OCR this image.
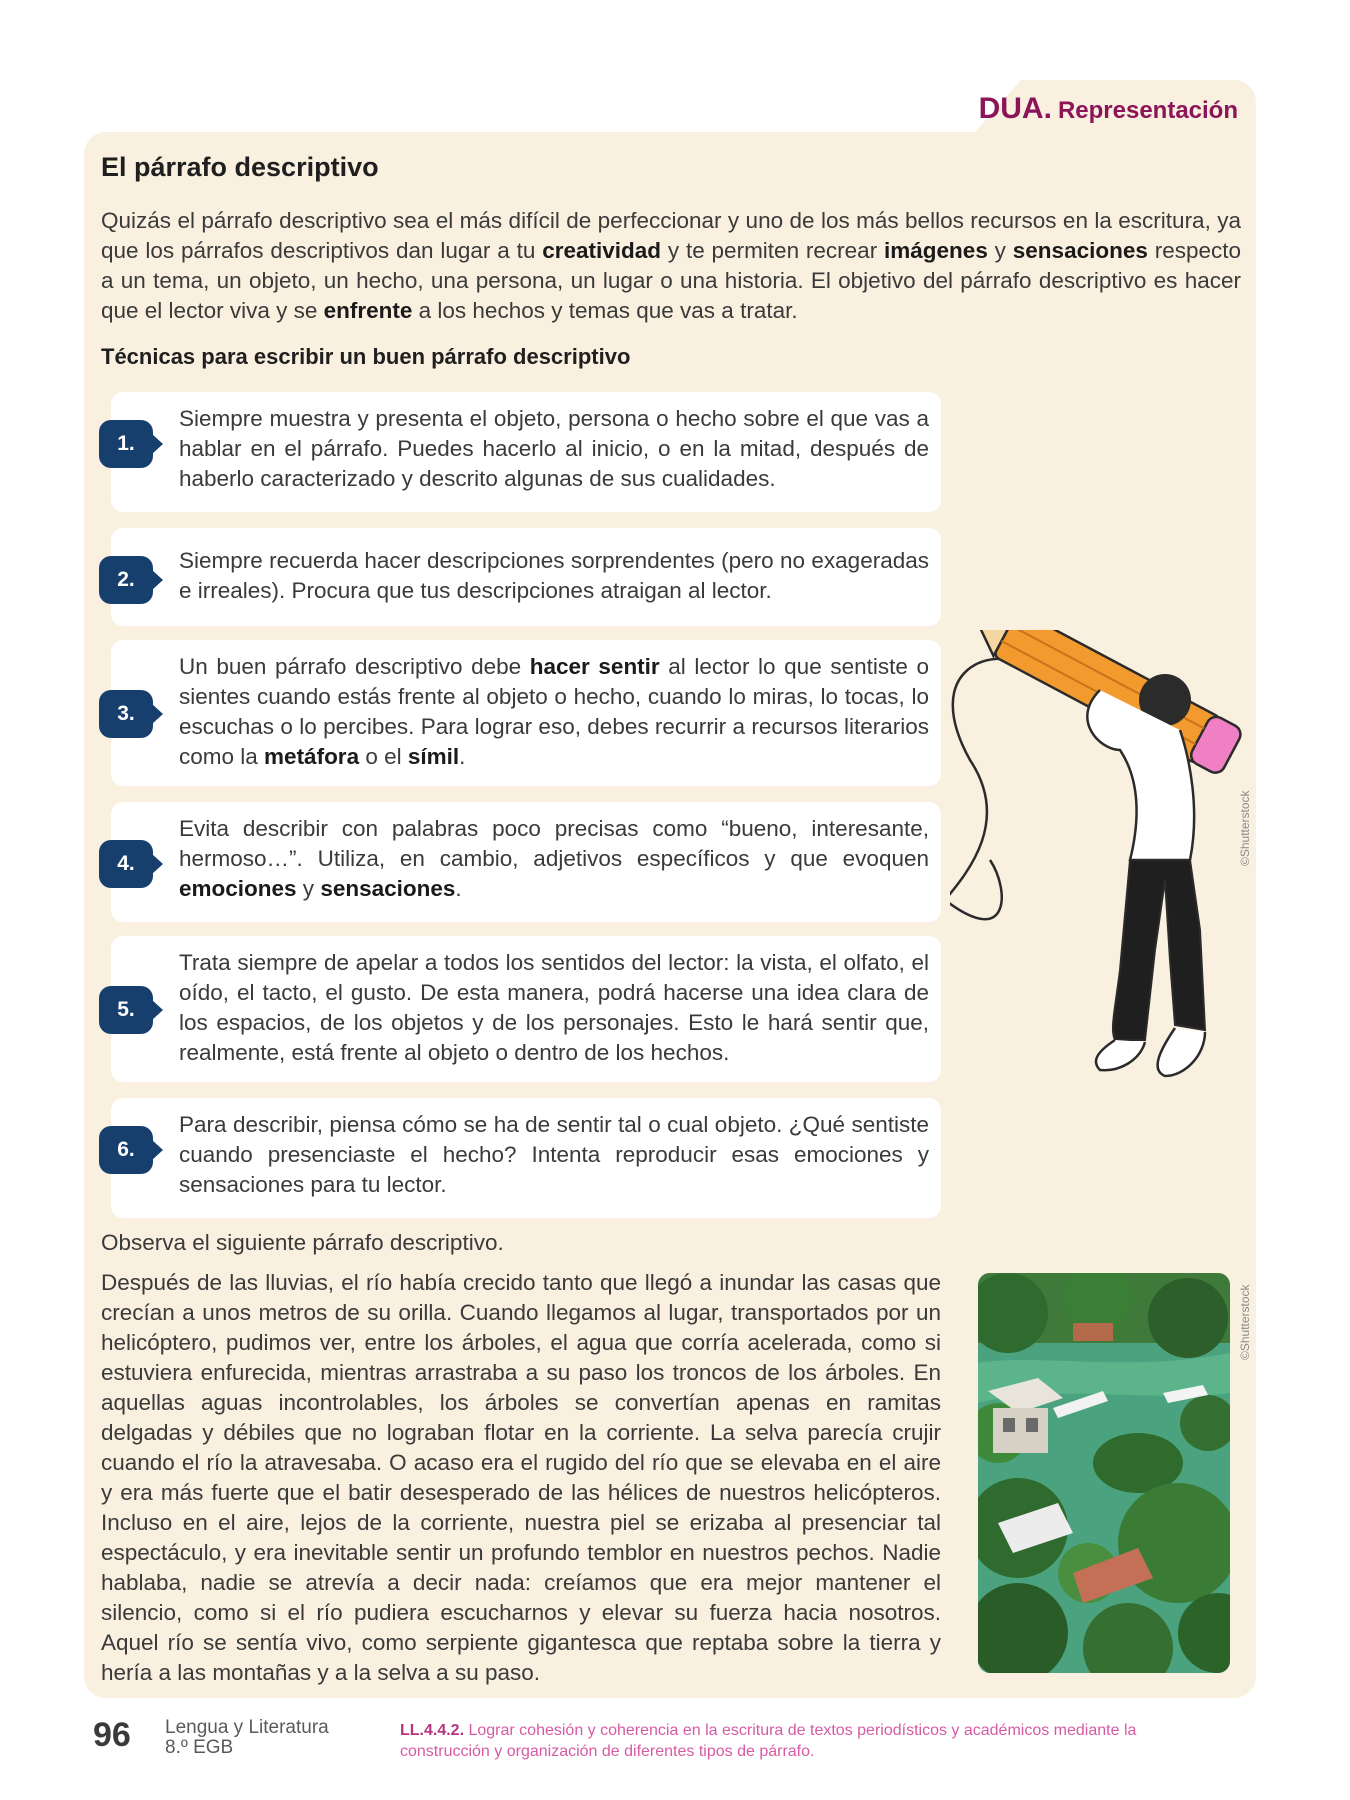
DUA. Representación
El párrafo descriptivo

Quizás el párrafo descriptivo sea el más difícil de perfeccionar y uno de los más bellos recursos en la escritura, ya que los párrafos descriptivos dan lugar a tu creatividad y te permiten recrear imágenes y sensaciones respecto a un tema, un objeto, un hecho, una persona, un lugar o una historia. El objetivo del párrafo descriptivo es hacer que el lector viva y se enfrente a los hechos y temas que vas a tratar.

Técnicas para escribir un buen párrafo descriptivo
1.

Siempre muestra y presenta el objeto, persona o hecho sobre el que vas a hablar en el párrafo. Puedes hacerlo al inicio, o en la mitad, después de haberlo caracterizado y descrito algunas de sus cualidades.

2.

Siempre recuerda hacer descripciones sorprendentes (pero no exageradas e irreales). Procura que tus descripciones atraigan al lector.

3.

Un buen párrafo descriptivo debe hacer sentir al lector lo que sentiste o sientes cuando estás frente al objeto o hecho, cuando lo miras, lo tocas, lo escuchas o lo percibes. Para lograr eso, debes recurrir a recursos literarios como la metáfora o el símil.

4.

Evita describir con palabras poco precisas como “bueno, interesante, hermoso…”. Utiliza, en cambio, adjetivos específicos y que evoquen emociones y sensaciones.

5.

Trata siempre de apelar a todos los sentidos del lector: la vista, el olfato, el oído, el tacto, el gusto. De esta manera, podrá hacerse una idea clara de los espacios, de los objetos y de los personajes. Esto le hará sentir que, realmente, está frente al objeto o dentro de los hechos.

6.

Para describir, piensa cómo se ha de sentir tal o cual objeto. ¿Qué sentiste cuando presenciaste el hecho? Intenta reproducir esas emociones y sensaciones para tu lector.

©Shutterstock
Observa el siguiente párrafo descriptivo.

Después de las lluvias, el río había crecido tanto que llegó a inundar las casas que crecían a unos metros de su orilla. Cuando llegamos al lugar, transportados por un helicóptero, pudimos ver, entre los árboles, el agua que corría acelerada, como si estuviera enfurecida, mientras arrastraba a su paso los troncos de los árboles. En aquellas aguas incontrolables, los árboles se convertían apenas en ramitas delgadas y débiles que no lograban flotar en la corriente. La selva parecía crujir cuando el río la atravesaba. O acaso era el rugido del río que se elevaba en el aire y era más fuerte que el batir desesperado de las hélices de nuestros helicópteros. Incluso en el aire, lejos de la corriente, nuestra piel se erizaba al presenciar tal espectáculo, y era inevitable sentir un profundo temblor en nuestros pechos. Nadie hablaba, nadie se atrevía a decir nada: creíamos que era mejor mantener el silencio, como si el río pudiera escucharnos y elevar su fuerza hacia nosotros. Aquel río se sentía vivo, como serpiente gigantesca que reptaba sobre la tierra y hería a las montañas y a la selva a su paso.

©Shutterstock
96 Lengua y Literatura
8.º EGB
LL.4.4.2. Lograr cohesión y coherencia en la escritura de textos periodísticos y académicos mediante la construcción y organización de diferentes tipos de párrafo.
